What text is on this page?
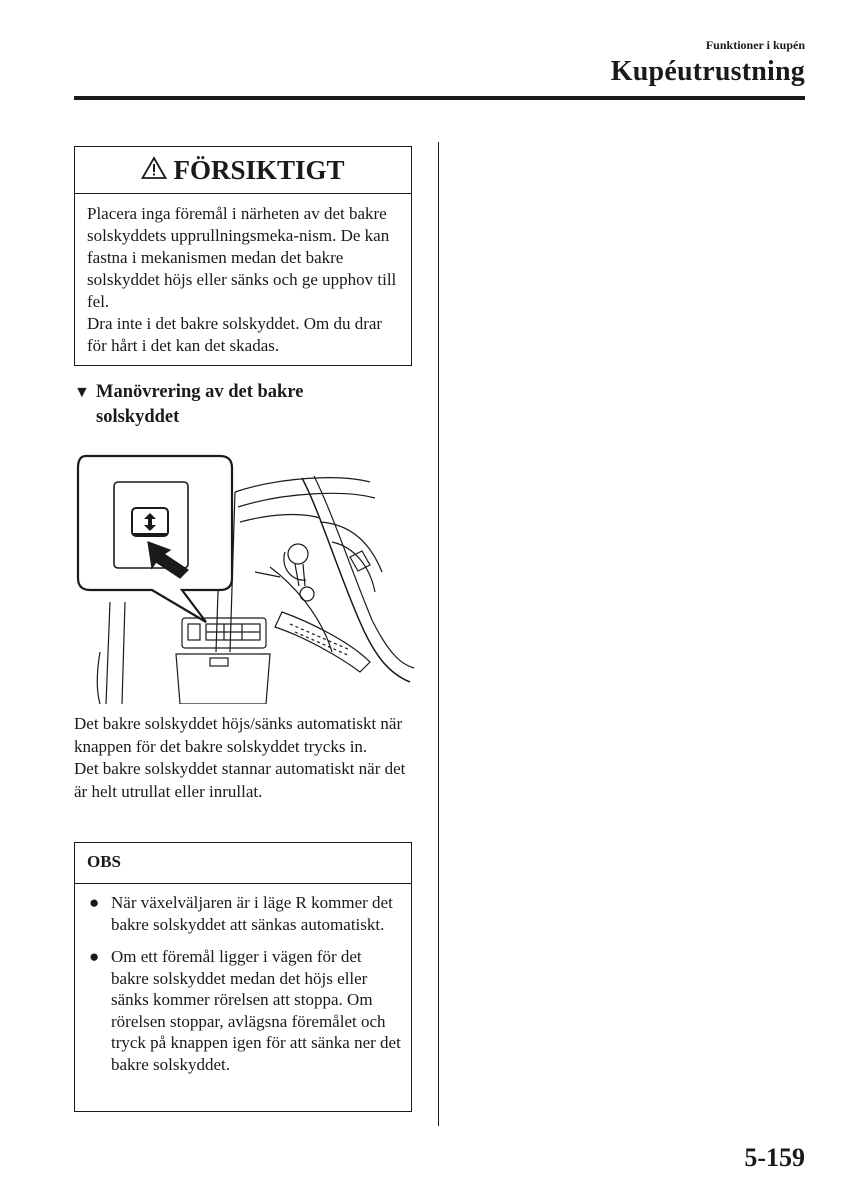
Funktioner i kupén
Kupéutrustning
FÖRSIKTIGT

Placera inga föremål i närheten av det bakre solskyddets upprullningsmeka-nism. De kan fastna i mekanismen medan det bakre solskyddet höjs eller sänks och ge upphov till fel.

Dra inte i det bakre solskyddet. Om du drar för hårt i det kan det skadas.

▼ Manövrering av det bakre
solskyddet

Det bakre solskyddet höjs/sänks automatiskt när knappen för det bakre solskyddet trycks in.

Det bakre solskyddet stannar automatiskt när det är helt utrullat eller inrullat.

OBS
● När växelväljaren är i läge R kommer det bakre solskyddet att sänkas automatiskt.
● Om ett föremål ligger i vägen för det bakre solskyddet medan det höjs eller sänks kommer rörelsen att stoppa. Om rörelsen stoppar, avlägsna föremålet och tryck på knappen igen för att sänka ner det bakre solskyddet.
5-159
